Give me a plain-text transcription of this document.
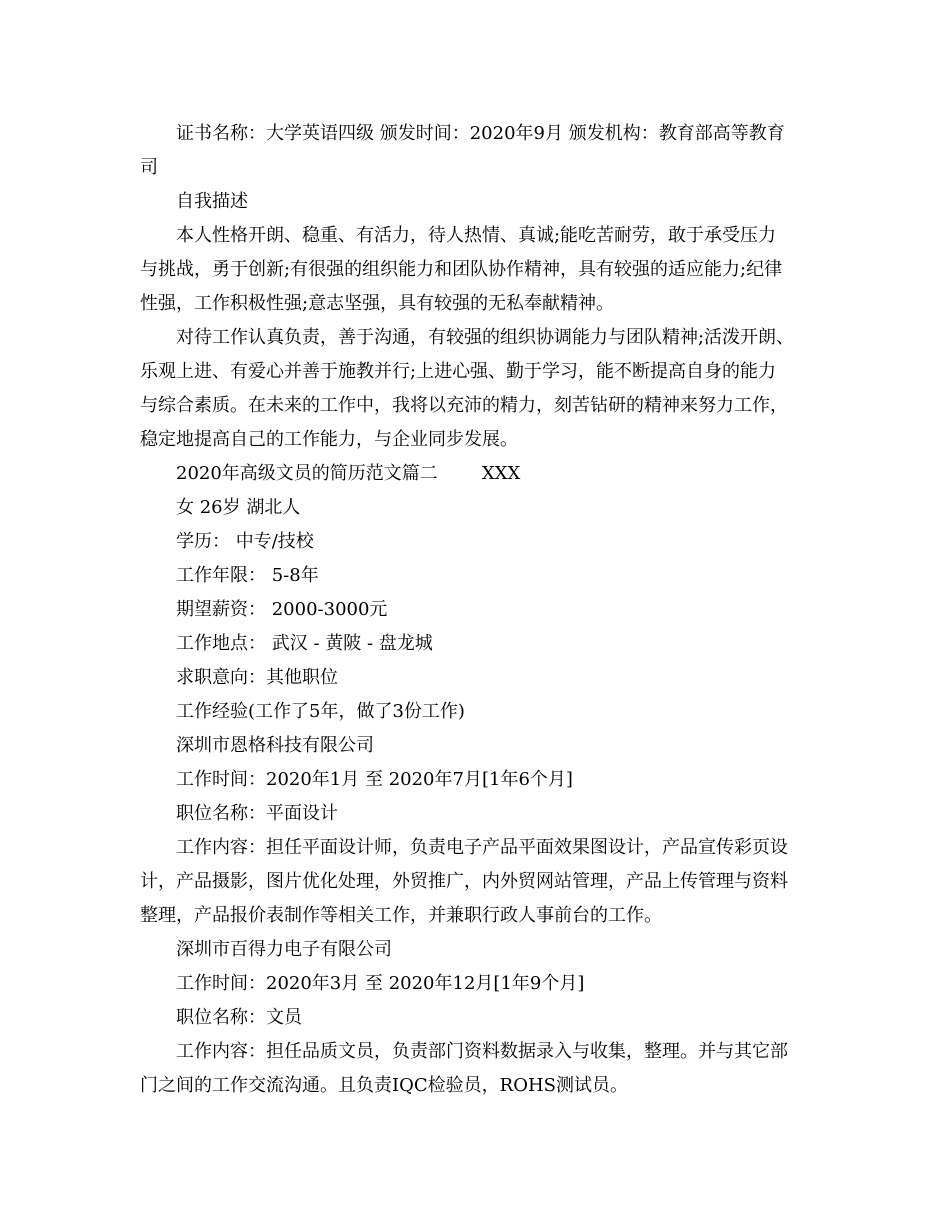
证书名称：大学英语四级 颁发时间：2020年9月 颁发机构：教育部高等教育
司
自我描述
本人性格开朗、稳重、有活力，待人热情、真诚;能吃苦耐劳，敢于承受压力
与挑战，勇于创新;有很强的组织能力和团队协作精神，具有较强的适应能力;纪律
性强，工作积极性强;意志坚强，具有较强的无私奉献精神。
对待工作认真负责，善于沟通，有较强的组织协调能力与团队精神;活泼开朗、
乐观上进、有爱心并善于施教并行;上进心强、勤于学习，能不断提高自身的能力
与综合素质。在未来的工作中，我将以充沛的精力，刻苦钻研的精神来努力工作，
稳定地提高自己的工作能力，与企业同步发展。
2020年高级文员的简历范文篇二 XXX
女 26岁 湖北人
学历： 中专/技校
工作年限： 5-8年
期望薪资： 2000-3000元
工作地点： 武汉 - 黄陂 - 盘龙城
求职意向：其他职位
工作经验(工作了5年，做了3份工作)
深圳市恩格科技有限公司
工作时间：2020年1月 至 2020年7月[1年6个月]
职位名称：平面设计
工作内容：担任平面设计师，负责电子产品平面效果图设计，产品宣传彩页设
计，产品摄影，图片优化处理，外贸推广，内外贸网站管理，产品上传管理与资料
整理，产品报价表制作等相关工作，并兼职行政人事前台的工作。
深圳市百得力电子有限公司
工作时间：2020年3月 至 2020年12月[1年9个月]
职位名称：文员
工作内容：担任品质文员，负责部门资料数据录入与收集，整理。并与其它部
门之间的工作交流沟通。且负责IQC检验员，ROHS测试员。
